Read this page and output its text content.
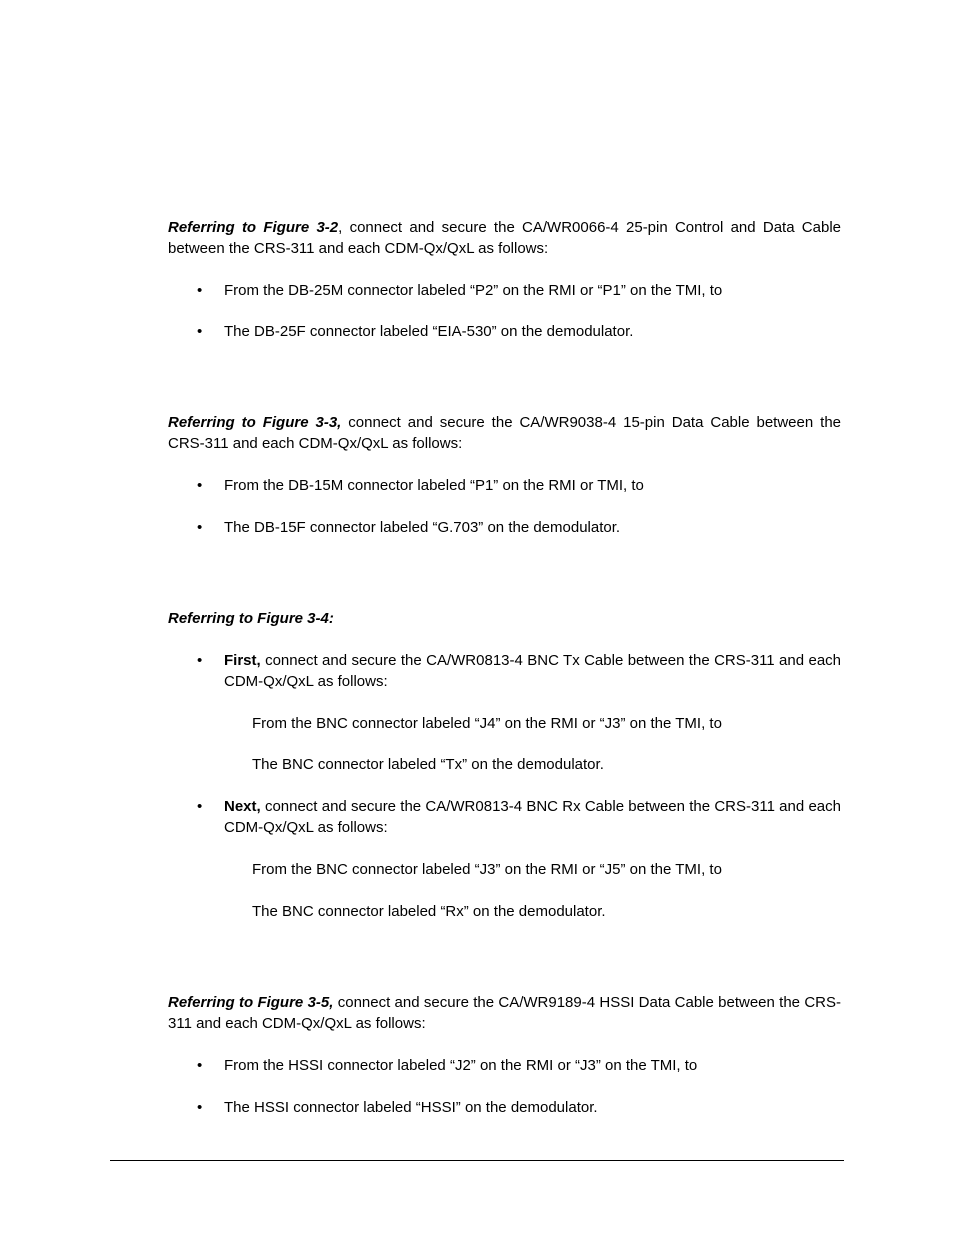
Referring to Figure 3-2, connect and secure the CA/WR0066-4 25-pin Control and Data Cable between the CRS-311 and each CDM-Qx/QxL as follows:

• From the DB-25M connector labeled “P2” on the RMI or “P1” on the TMI, to

• The DB-25F connector labeled “EIA-530” on the demodulator.

Referring to Figure 3-3, connect and secure the CA/WR9038-4 15-pin Data Cable between the CRS-311 and each CDM-Qx/QxL as follows:

• From the DB-15M connector labeled “P1” on the RMI or TMI, to

• The DB-15F connector labeled “G.703” on the demodulator.

Referring to Figure 3-4:

• First, connect and secure the CA/WR0813-4 BNC Tx Cable between the CRS-311 and each CDM-Qx/QxL as follows:

From the BNC connector labeled “J4” on the RMI or “J3” on the TMI, to

The BNC connector labeled “Tx” on the demodulator.

• Next, connect and secure the CA/WR0813-4 BNC Rx Cable between the CRS-311 and each CDM-Qx/QxL as follows:

From the BNC connector labeled “J3” on the RMI or “J5” on the TMI, to

The BNC connector labeled “Rx” on the demodulator.

Referring to Figure 3-5, connect and secure the CA/WR9189-4 HSSI Data Cable between the CRS-311 and each CDM-Qx/QxL as follows:

• From the HSSI connector labeled “J2” on the RMI or “J3” on the TMI, to

• The HSSI connector labeled “HSSI” on the demodulator.
